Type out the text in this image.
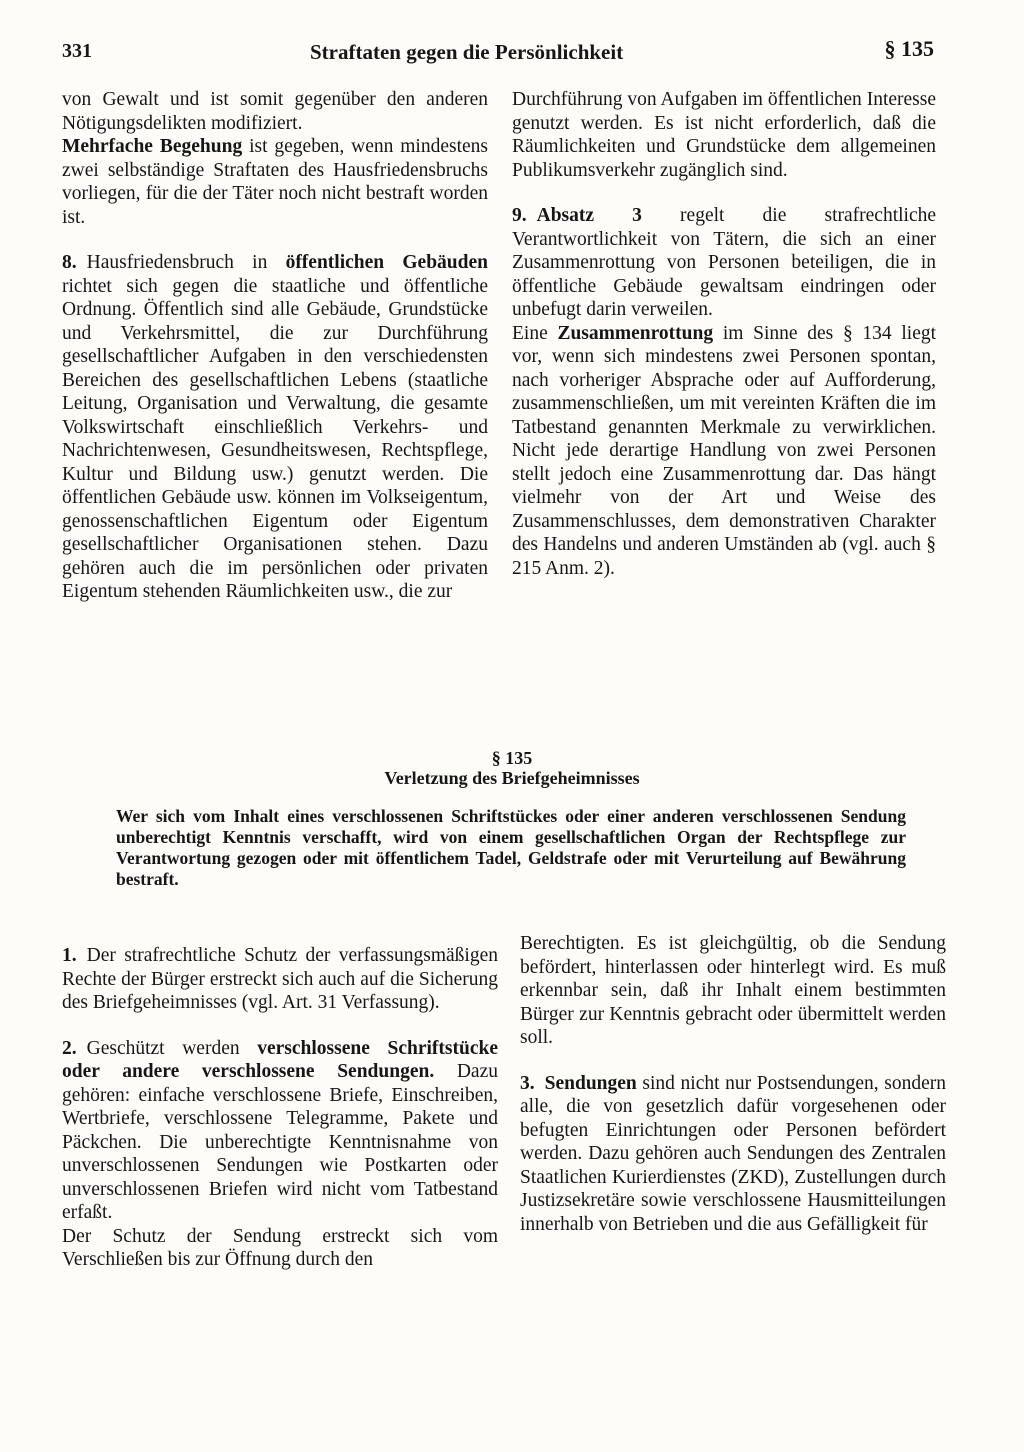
331	Straftaten gegen die Persönlichkeit	§ 135

von Gewalt und ist somit gegenüber den anderen Nötigungsdelikten modifiziert.

Mehrfache Begehung ist gegeben, wenn mindestens zwei selbständige Straftaten des Hausfriedensbruchs vorliegen, für die der Täter noch nicht bestraft worden ist.

8. Hausfriedensbruch in öffentlichen Gebäuden richtet sich gegen die staatliche und öffentliche Ordnung. Öffentlich sind alle Gebäude, Grundstücke und Verkehrsmittel, die zur Durchführung gesellschaftlicher Aufgaben in den verschiedensten Bereichen des gesellschaftlichen Lebens (staatliche Leitung, Organisation und Verwaltung, die gesamte Volkswirtschaft einschließlich Verkehrs- und Nachrichtenwesen, Gesundheitswesen, Rechtspflege, Kultur und Bildung usw.) genutzt werden. Die öffentlichen Gebäude usw. können im Volkseigentum, genossenschaftlichen Eigentum oder Eigentum gesellschaftlicher Organisationen stehen. Dazu gehören auch die im persönlichen oder privaten Eigentum stehenden Räumlichkeiten usw., die zur

Durchführung von Aufgaben im öffentlichen Interesse genutzt werden. Es ist nicht erforderlich, daß die Räumlichkeiten und Grundstücke dem allgemeinen Publikumsverkehr zugänglich sind.

9. Absatz 3 regelt die strafrechtliche Verantwortlichkeit von Tätern, die sich an einer Zusammenrottung von Personen beteiligen, die in öffentliche Gebäude gewaltsam eindringen oder unbefugt darin verweilen.

Eine Zusammenrottung im Sinne des § 134 liegt vor, wenn sich mindestens zwei Personen spontan, nach vorheriger Absprache oder auf Aufforderung, zusammenschließen, um mit vereinten Kräften die im Tatbestand genannten Merkmale zu verwirklichen. Nicht jede derartige Handlung von zwei Personen stellt jedoch eine Zusammenrottung dar. Das hängt vielmehr von der Art und Weise des Zusammenschlusses, dem demonstrativen Charakter des Handelns und anderen Umständen ab (vgl. auch § 215 Anm. 2).

§ 135
Verletzung des Briefgeheimnisses
Wer sich vom Inhalt eines verschlossenen Schriftstückes oder einer anderen verschlossenen Sendung unberechtigt Kenntnis verschafft, wird von einem gesellschaftlichen Organ der Rechtspflege zur Verantwortung gezogen oder mit öffentlichem Tadel, Geldstrafe oder mit Verurteilung auf Bewährung bestraft.

1. Der strafrechtliche Schutz der verfassungsmäßigen Rechte der Bürger erstreckt sich auch auf die Sicherung des Briefgeheimnisses (vgl. Art. 31 Verfassung).

2. Geschützt werden verschlossene Schriftstücke oder andere verschlossene Sendungen. Dazu gehören: einfache verschlossene Briefe, Einschreiben, Wertbriefe, verschlossene Telegramme, Pakete und Päckchen. Die unberechtigte Kenntnisnahme von unverschlossenen Sendungen wie Postkarten oder unverschlossenen Briefen wird nicht vom Tatbestand erfaßt.

Der Schutz der Sendung erstreckt sich vom Verschließen bis zur Öffnung durch den

Berechtigten. Es ist gleichgültig, ob die Sendung befördert, hinterlassen oder hinterlegt wird. Es muß erkennbar sein, daß ihr Inhalt einem bestimmten Bürger zur Kenntnis gebracht oder übermittelt werden soll.

3. Sendungen sind nicht nur Postsendungen, sondern alle, die von gesetzlich dafür vorgesehenen oder befugten Einrichtungen oder Personen befördert werden. Dazu gehören auch Sendungen des Zentralen Staatlichen Kurierdienstes (ZKD), Zustellungen durch Justizsekretäre sowie verschlossene Hausmitteilungen innerhalb von Betrieben und die aus Gefälligkeit für
